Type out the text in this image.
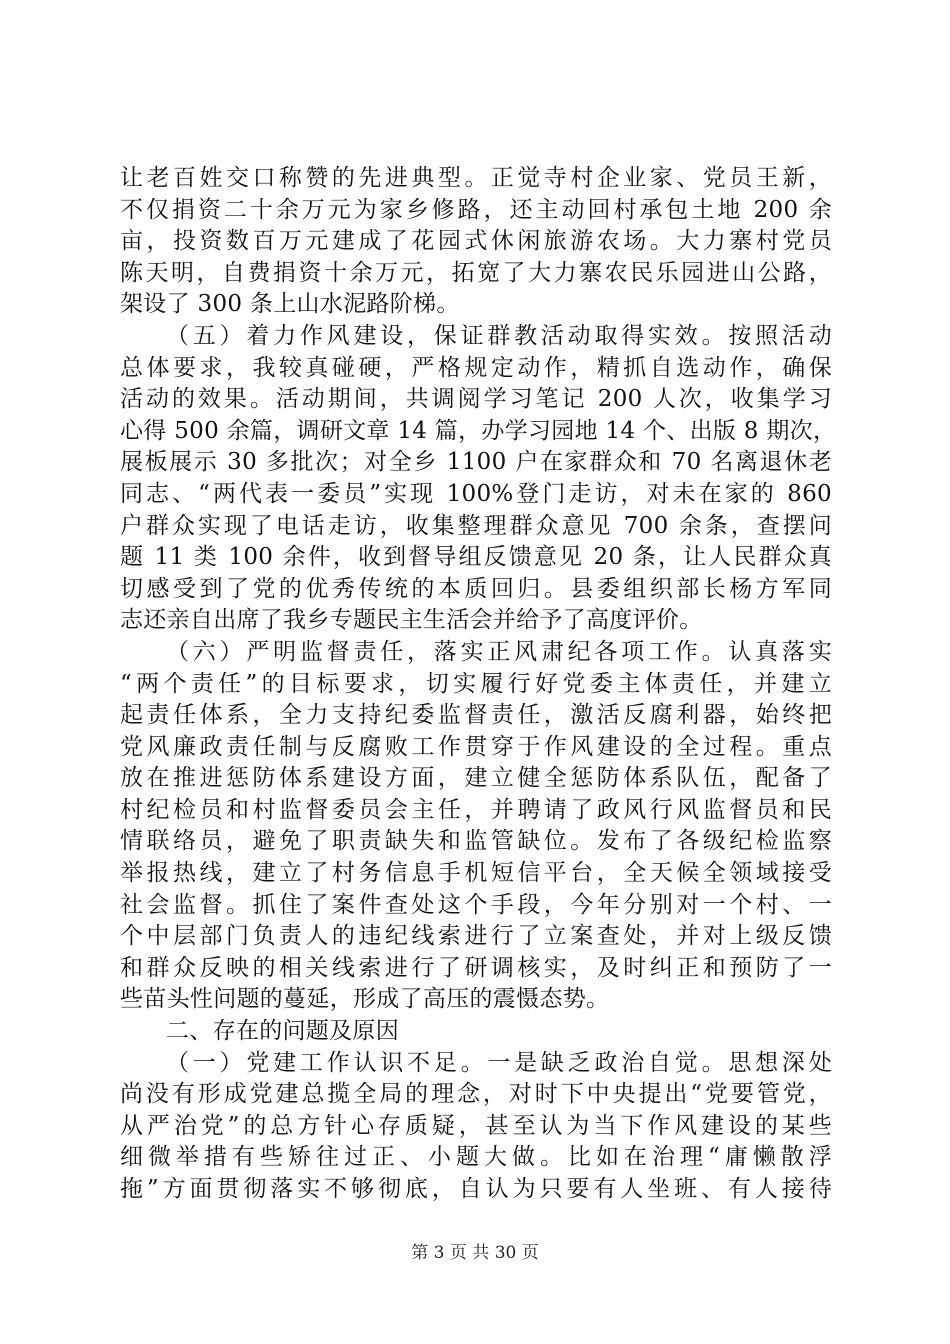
让老百姓交口称赞的先进典型。正觉寺村企业家、党员王新，
不仅捐资二十余万元为家乡修路，还主动回村承包土地 200 余
亩，投资数百万元建成了花园式休闲旅游农场。大力寨村党员
陈天明，自费捐资十余万元，拓宽了大力寨农民乐园进山公路，
架设了 300 条上山水泥路阶梯。
（五）着力作风建设，保证群教活动取得实效。按照活动
总体要求，我较真碰硬，严格规定动作，精抓自选动作，确保
活动的效果。活动期间，共调阅学习笔记 200 人次，收集学习
心得 500 余篇，调研文章 14 篇，办学习园地 14 个、出版 8 期次，
展板展示 30 多批次；对全乡 1100 户在家群众和 70 名离退休老
同志、“两代表一委员”实现 100%登门走访，对未在家的 860
户群众实现了电话走访，收集整理群众意见 700 余条，查摆问
题 11 类 100 余件，收到督导组反馈意见 20 条，让人民群众真
切感受到了党的优秀传统的本质回归。县委组织部长杨方军同
志还亲自出席了我乡专题民主生活会并给予了高度评价。
（六）严明监督责任，落实正风肃纪各项工作。认真落实
“两个责任”的目标要求，切实履行好党委主体责任，并建立
起责任体系，全力支持纪委监督责任，激活反腐利器，始终把
党风廉政责任制与反腐败工作贯穿于作风建设的全过程。重点
放在推进惩防体系建设方面，建立健全惩防体系队伍，配备了
村纪检员和村监督委员会主任，并聘请了政风行风监督员和民
情联络员，避免了职责缺失和监管缺位。发布了各级纪检监察
举报热线，建立了村务信息手机短信平台，全天候全领域接受
社会监督。抓住了案件查处这个手段，今年分别对一个村、一
个中层部门负责人的违纪线索进行了立案查处，并对上级反馈
和群众反映的相关线索进行了研调核实，及时纠正和预防了一
些苗头性问题的蔓延，形成了高压的震慑态势。
二、存在的问题及原因
（一）党建工作认识不足。一是缺乏政治自觉。思想深处
尚没有形成党建总揽全局的理念，对时下中央提出“党要管党，
从严治党”的总方针心存质疑，甚至认为当下作风建设的某些
细微举措有些矫往过正、小题大做。比如在治理“庸懒散浮
拖”方面贯彻落实不够彻底，自认为只要有人坐班、有人接待
第 3 页 共 30 页
